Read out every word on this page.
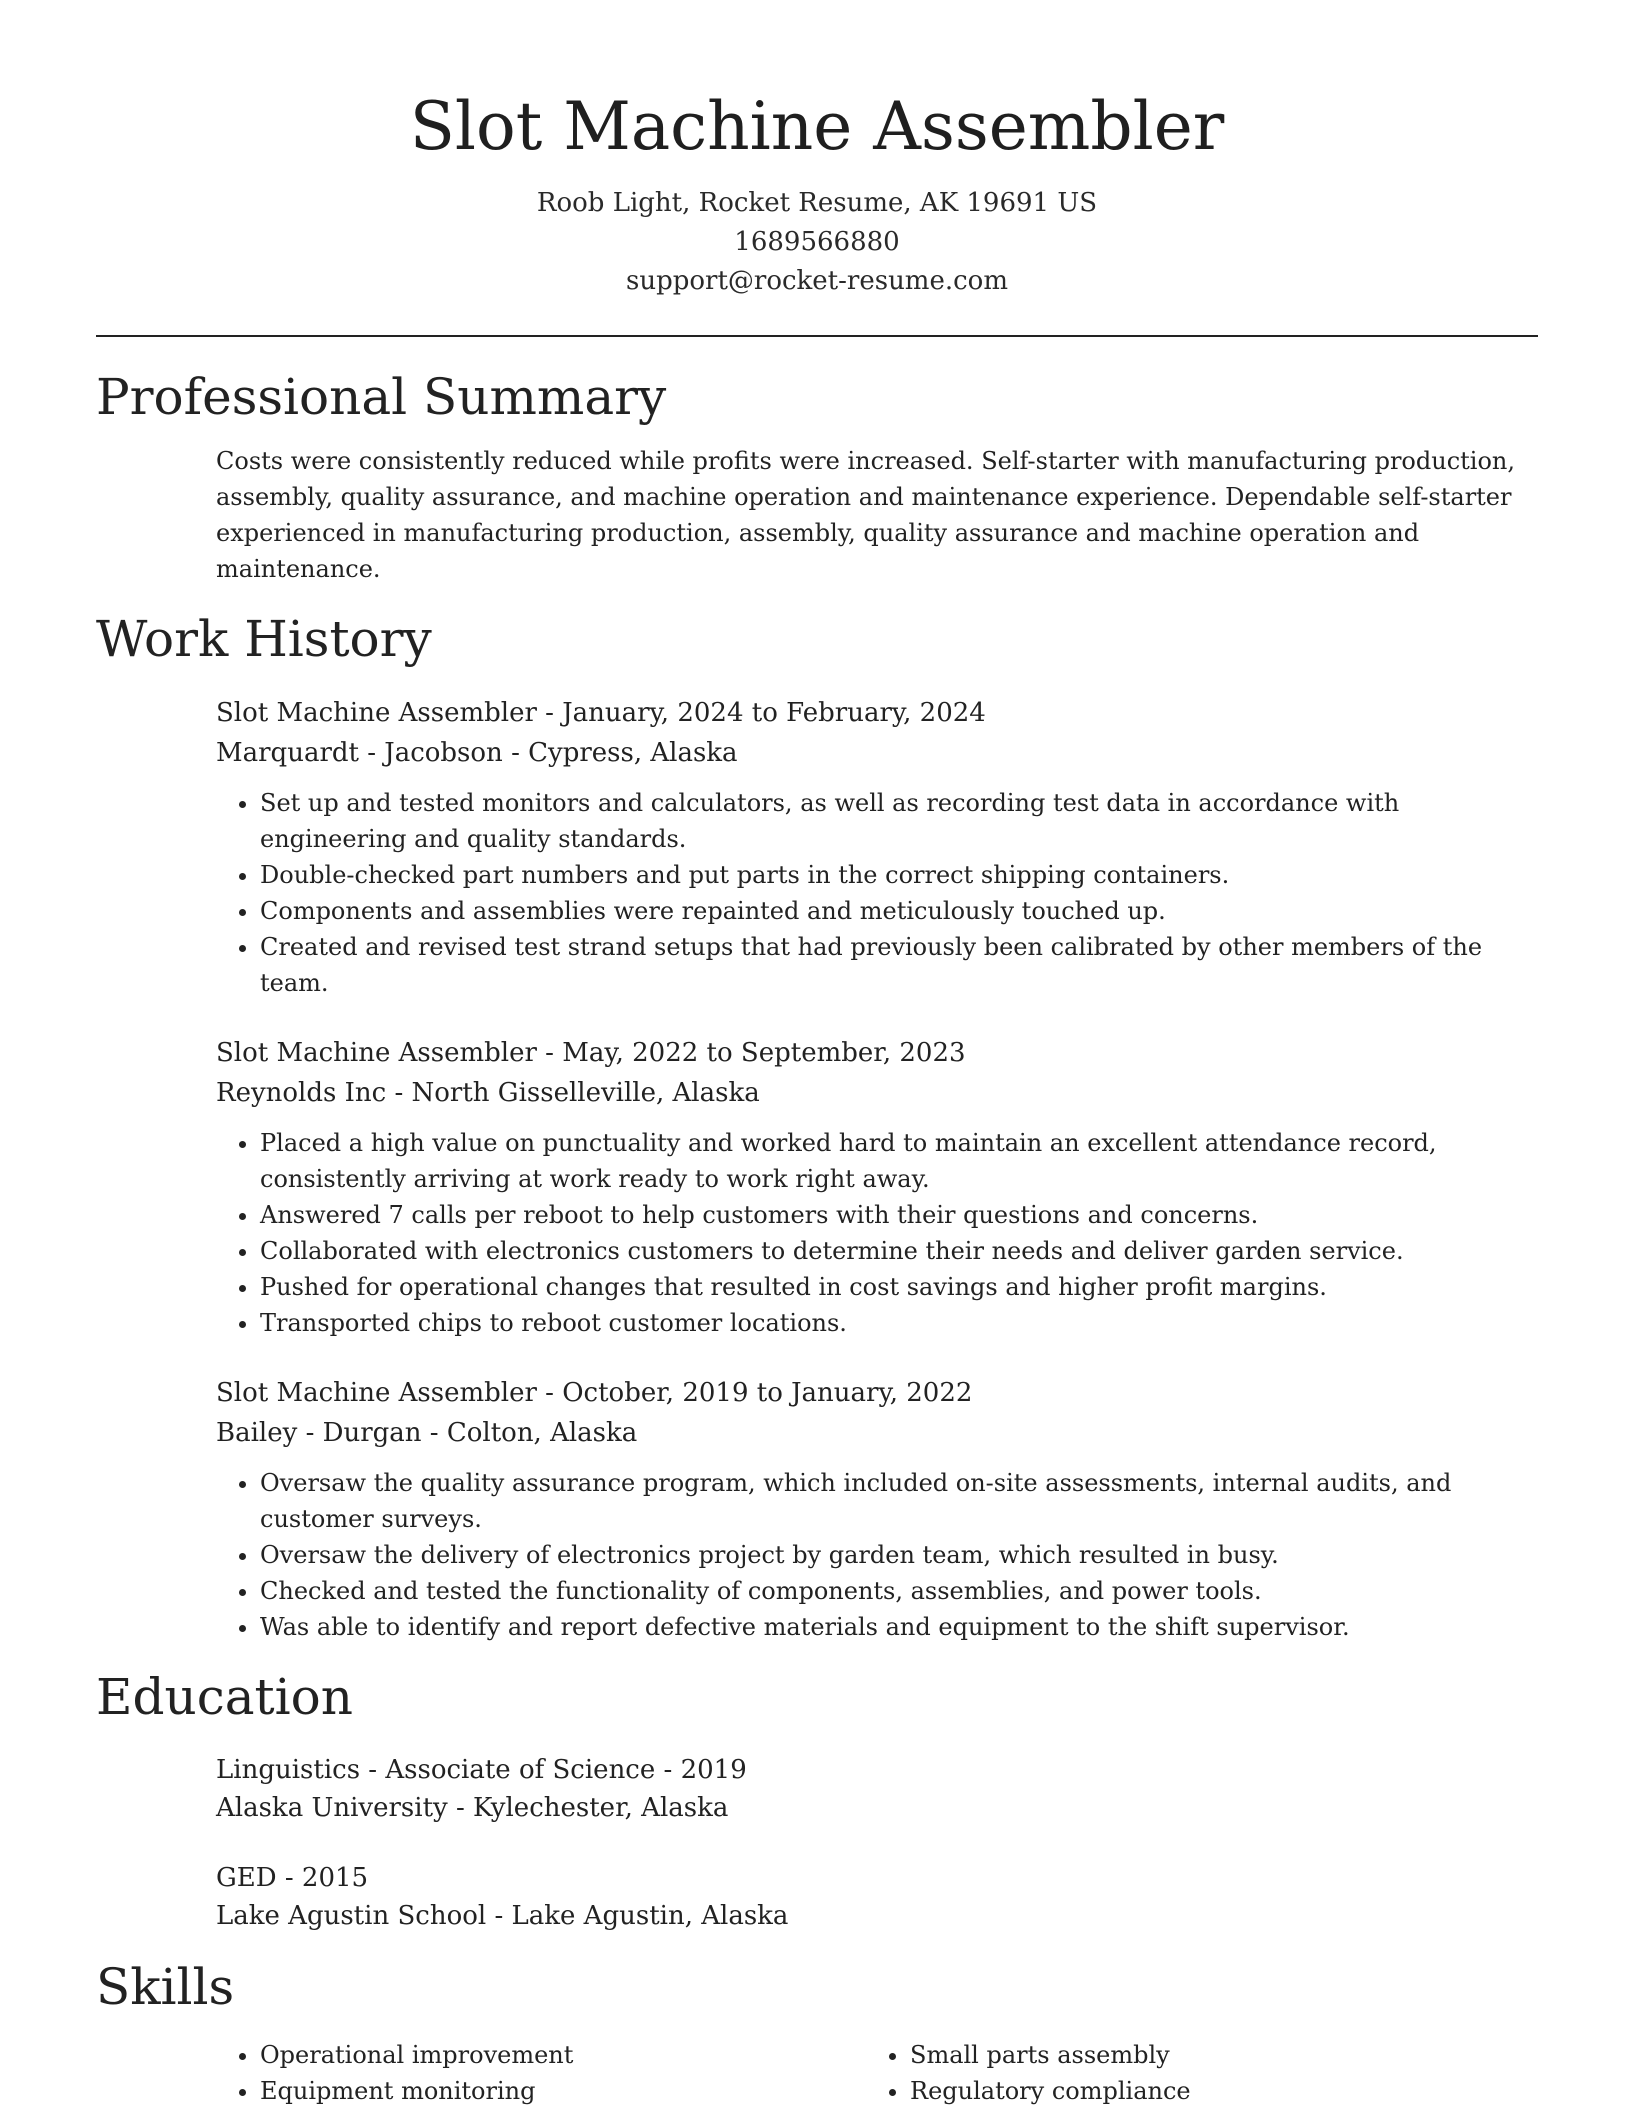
Slot Machine Assembler
Roob Light, Rocket Resume, AK 19691 US
1689566880
support@rocket-resume.com
Professional Summary
Costs were consistently reduced while profits were increased. Self-starter with manufacturing production, assembly, quality assurance, and machine operation and maintenance experience. Dependable self-starter experienced in manufacturing production, assembly, quality assurance and machine operation and maintenance.
Work History
Slot Machine Assembler - January, 2024 to February, 2024
Marquardt - Jacobson - Cypress, Alaska
• Set up and tested monitors and calculators, as well as recording test data in accordance with engineering and quality standards.
• Double-checked part numbers and put parts in the correct shipping containers.
• Components and assemblies were repainted and meticulously touched up.
• Created and revised test strand setups that had previously been calibrated by other members of the team.
Slot Machine Assembler - May, 2022 to September, 2023
Reynolds Inc - North Gisselleville, Alaska
• Placed a high value on punctuality and worked hard to maintain an excellent attendance record, consistently arriving at work ready to work right away.
• Answered 7 calls per reboot to help customers with their questions and concerns.
• Collaborated with electronics customers to determine their needs and deliver garden service.
• Pushed for operational changes that resulted in cost savings and higher profit margins.
• Transported chips to reboot customer locations.
Slot Machine Assembler - October, 2019 to January, 2022
Bailey - Durgan - Colton, Alaska
• Oversaw the quality assurance program, which included on-site assessments, internal audits, and customer surveys.
• Oversaw the delivery of electronics project by garden team, which resulted in busy.
• Checked and tested the functionality of components, assemblies, and power tools.
• Was able to identify and report defective materials and equipment to the shift supervisor.
Education
Linguistics - Associate of Science - 2019
Alaska University - Kylechester, Alaska
GED - 2015
Lake Agustin School - Lake Agustin, Alaska
Skills
• Operational improvement
• Equipment monitoring
• Small parts assembly
• Regulatory compliance
